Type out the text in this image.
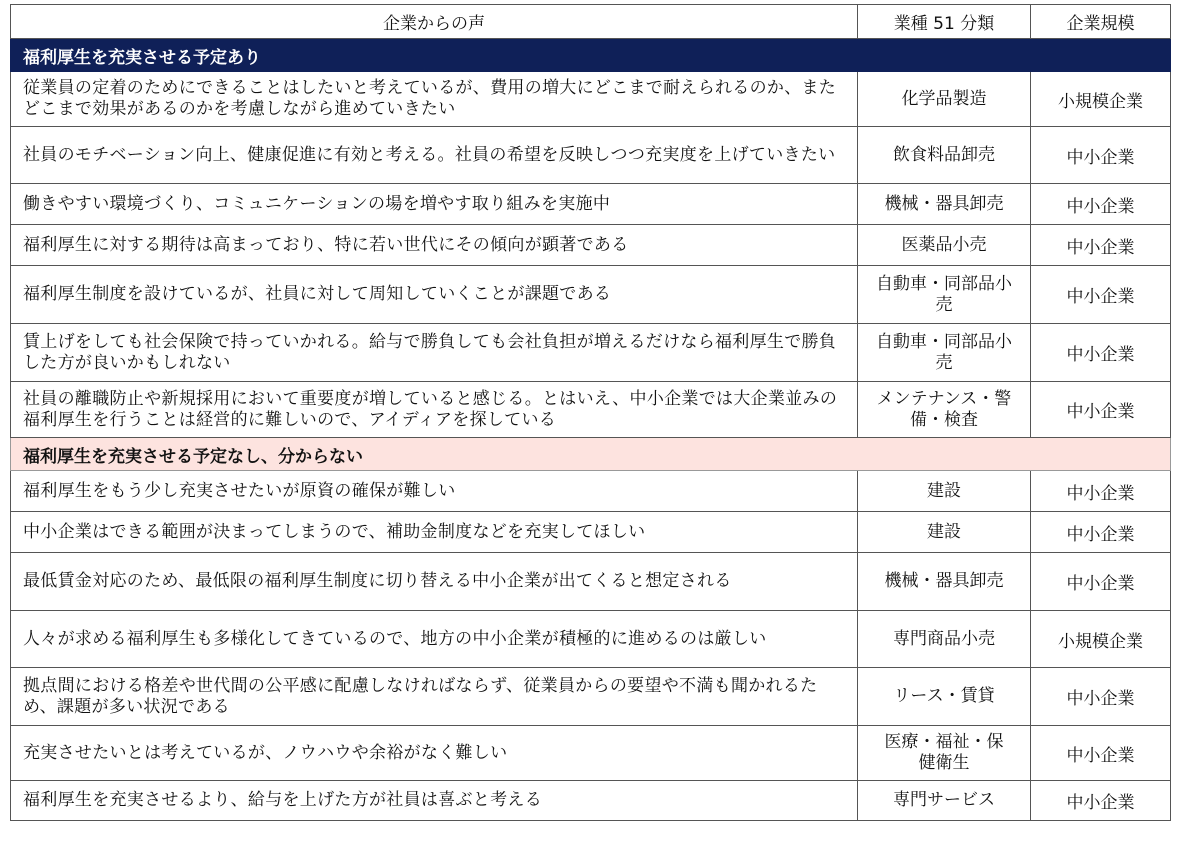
企業からの声	業種 51 分類	企業規模
福利厚生を充実させる予定あり		
従業員の定着のためにできることはしたいと考えているが、費用の増大にどこまで耐えられるのか、またどこまで効果があるのかを考慮しながら進めていきたい	化学品製造	小規模企業
社員のモチベーション向上、健康促進に有効と考える。社員の希望を反映しつつ充実度を上げていきたい	飲食料品卸売	中小企業
働きやすい環境づくり、コミュニケーションの場を増やす取り組みを実施中	機械・器具卸売	中小企業
福利厚生に対する期待は高まっており、特に若い世代にその傾向が顕著である	医薬品小売	中小企業
福利厚生制度を設けているが、社員に対して周知していくことが課題である	自動車・同部品小売	中小企業
賃上げをしても社会保険で持っていかれる。給与で勝負しても会社負担が増えるだけなら福利厚生で勝負した方が良いかもしれない	自動車・同部品小売	中小企業
社員の離職防止や新規採用において重要度が増していると感じる。とはいえ、中小企業では大企業並みの福利厚生を行うことは経営的に難しいので、アイディアを探している	メンテナンス・警備・検査	中小企業
福利厚生を充実させる予定なし、分からない		
福利厚生をもう少し充実させたいが原資の確保が難しい	建設	中小企業
中小企業はできる範囲が決まってしまうので、補助金制度などを充実してほしい	建設	中小企業
最低賃金対応のため、最低限の福利厚生制度に切り替える中小企業が出てくると想定される	機械・器具卸売	中小企業
人々が求める福利厚生も多様化してきているので、地方の中小企業が積極的に進めるのは厳しい	専門商品小売	小規模企業
拠点間における格差や世代間の公平感に配慮しなければならず、従業員からの要望や不満も聞かれるため、課題が多い状況である	リース・賃貸	中小企業
充実させたいとは考えているが、ノウハウや余裕がなく難しい	医療・福祉・保健衛生	中小企業
福利厚生を充実させるより、給与を上げた方が社員は喜ぶと考える	専門サービス	中小企業
